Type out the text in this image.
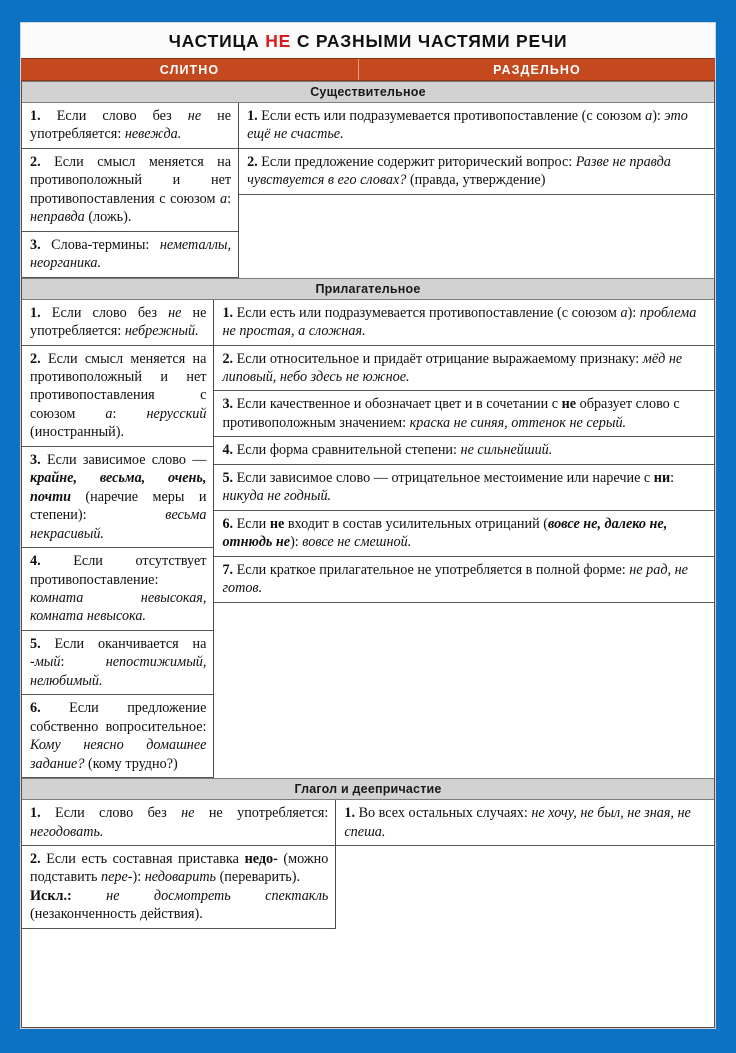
ЧАСТИЦА НЕ С РАЗНЫМИ ЧАСТЯМИ РЕЧИ
СЛИТНО	РАЗДЕЛЬНО
Существительное
1. Если слово без не не употребляется: невежда.
2. Если смысл меняется на противоположный и нет противопоставления с союзом а: неправда (ложь).
3. Слова-термины: неметаллы, неорганика.
1. Если есть или подразумевается противопоставление (с союзом а): это ещё не счастье.
2. Если предложение содержит риторический вопрос: Разве не правда чувствуется в его словах? (правда, утверждение)
Прилагательное
1. Если слово без не не употребляется: небрежный.
2. Если смысл меняется на противоположный и нет противопоставления с союзом а: нерусский (иностранный).
3. Если зависимое слово — крайне, весьма, очень, почти (наречие меры и степени): весьма некрасивый.
4. Если отсутствует противопоставление: комната невысокая, комната невысока.
5. Если оканчивается на -мый: непостижимый, нелюбимый.
6. Если предложение собственно вопросительное: Кому неясно домашнее задание? (кому трудно?)
1. Если есть или подразумевается противопоставление (с союзом а): проблема не простая, а сложная.
2. Если относительное и придаёт отрицание выражаемому признаку: мёд не липовый, небо здесь не южное.
3. Если качественное и обозначает цвет и в сочетании с не образует слово с противоположным значением: краска не синяя, оттенок не серый.
4. Если форма сравнительной степени: не сильнейший.
5. Если зависимое слово — отрицательное местоимение или наречие с ни: никуда не годный.
6. Если не входит в состав усилительных отрицаний (вовсе не, далеко не, отнюдь не): вовсе не смешной.
7. Если краткое прилагательное не употребляется в полной форме: не рад, не готов.
Глагол и деепричастие
1. Если слово без не не употребляется: негодовать.
2. Если есть составная приставка недо- (можно подставить пере-): недоварить (переварить).
Искл.: не досмотреть спектакль (незаконченность действия).
1. Во всех остальных случаях: не хочу, не был, не зная, не спеша.
